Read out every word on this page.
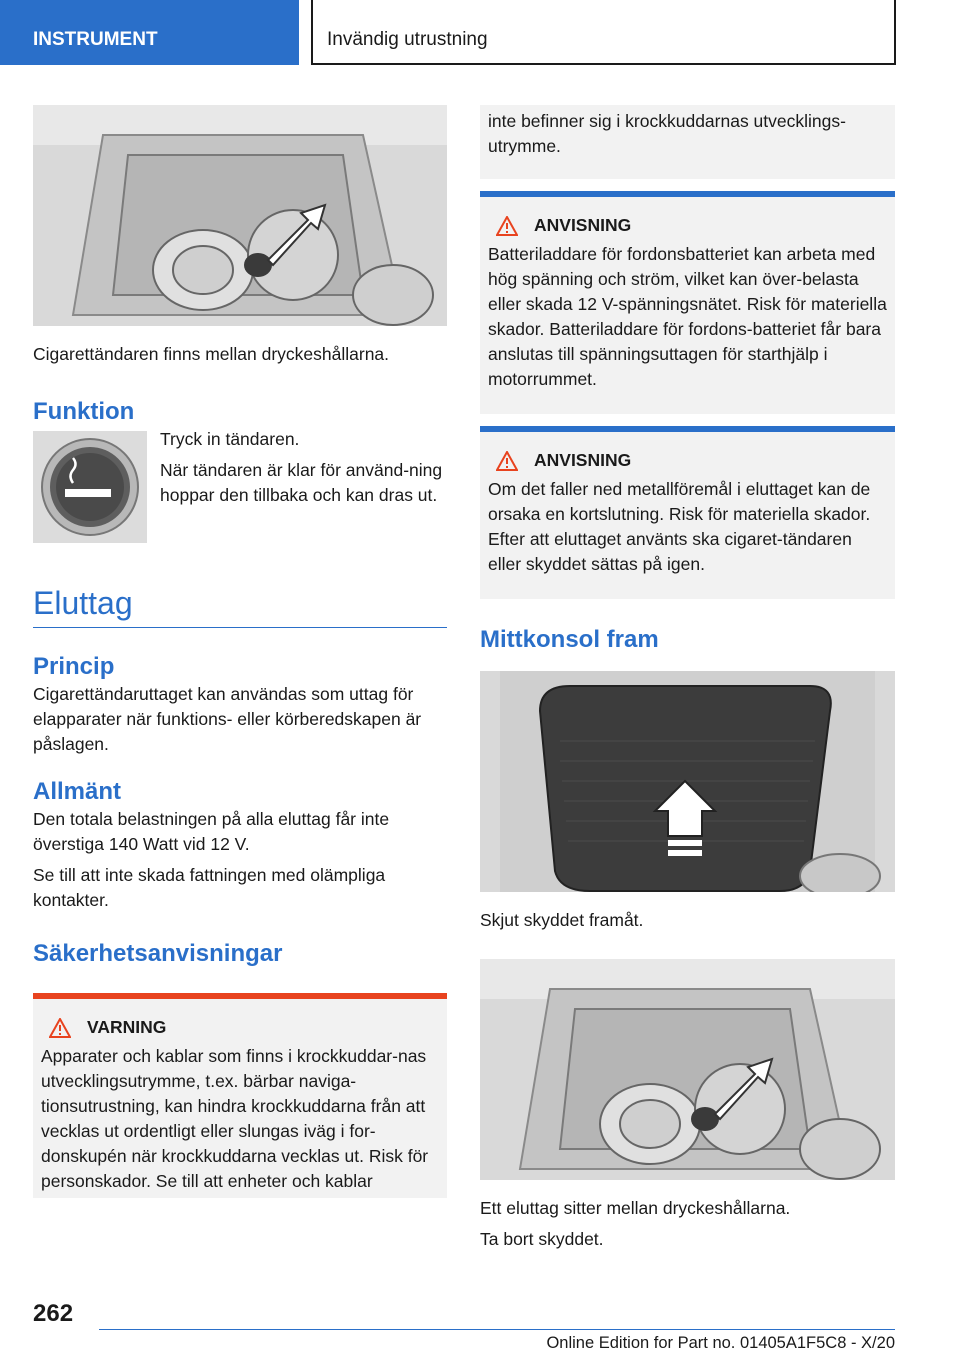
INSTRUMENT	Invändig utrustning

Cigarettändaren finns mellan dryckeshållarna.

Funktion

Tryck in tändaren.

När tändaren är klar för använd-ning hoppar den tillbaka och kan dras ut.

Eluttag
Princip

Cigarettändaruttaget kan användas som uttag för elapparater när funktions- eller körberedskapen är påslagen.

Allmänt

Den totala belastningen på alla eluttag får inte överstiga 140 Watt vid 12 V.

Se till att inte skada fattningen med olämpliga kontakter.

Säkerhetsanvisningar
VARNING

Apparater och kablar som finns i krockkuddar-nas utvecklingsutrymme, t.ex. bärbar naviga-tionsutrustning, kan hindra krockkuddarna från att vecklas ut ordentligt eller slungas iväg i for-donskupén när krockkuddarna vecklas ut. Risk för personskador. Se till att enheter och kablar

inte befinner sig i krockkuddarnas utvecklings-utrymme.

ANVISNING

Batteriladdare för fordonsbatteriet kan arbeta med hög spänning och ström, vilket kan över-belasta eller skada 12 V-spänningsnätet. Risk för materiella skador. Batteriladdare för fordons-batteriet får bara anslutas till spänningsuttagen för starthjälp i motorrummet.

ANVISNING

Om det faller ned metallföremål i eluttaget kan de orsaka en kortslutning. Risk för materiella skador. Efter att eluttaget använts ska cigaret-tändaren eller skyddet sättas på igen.

Mittkonsol fram

Skjut skyddet framåt.

Ett eluttag sitter mellan dryckeshållarna.

Ta bort skyddet.

262
Online Edition for Part no. 01405A1F5C8 - X/20
